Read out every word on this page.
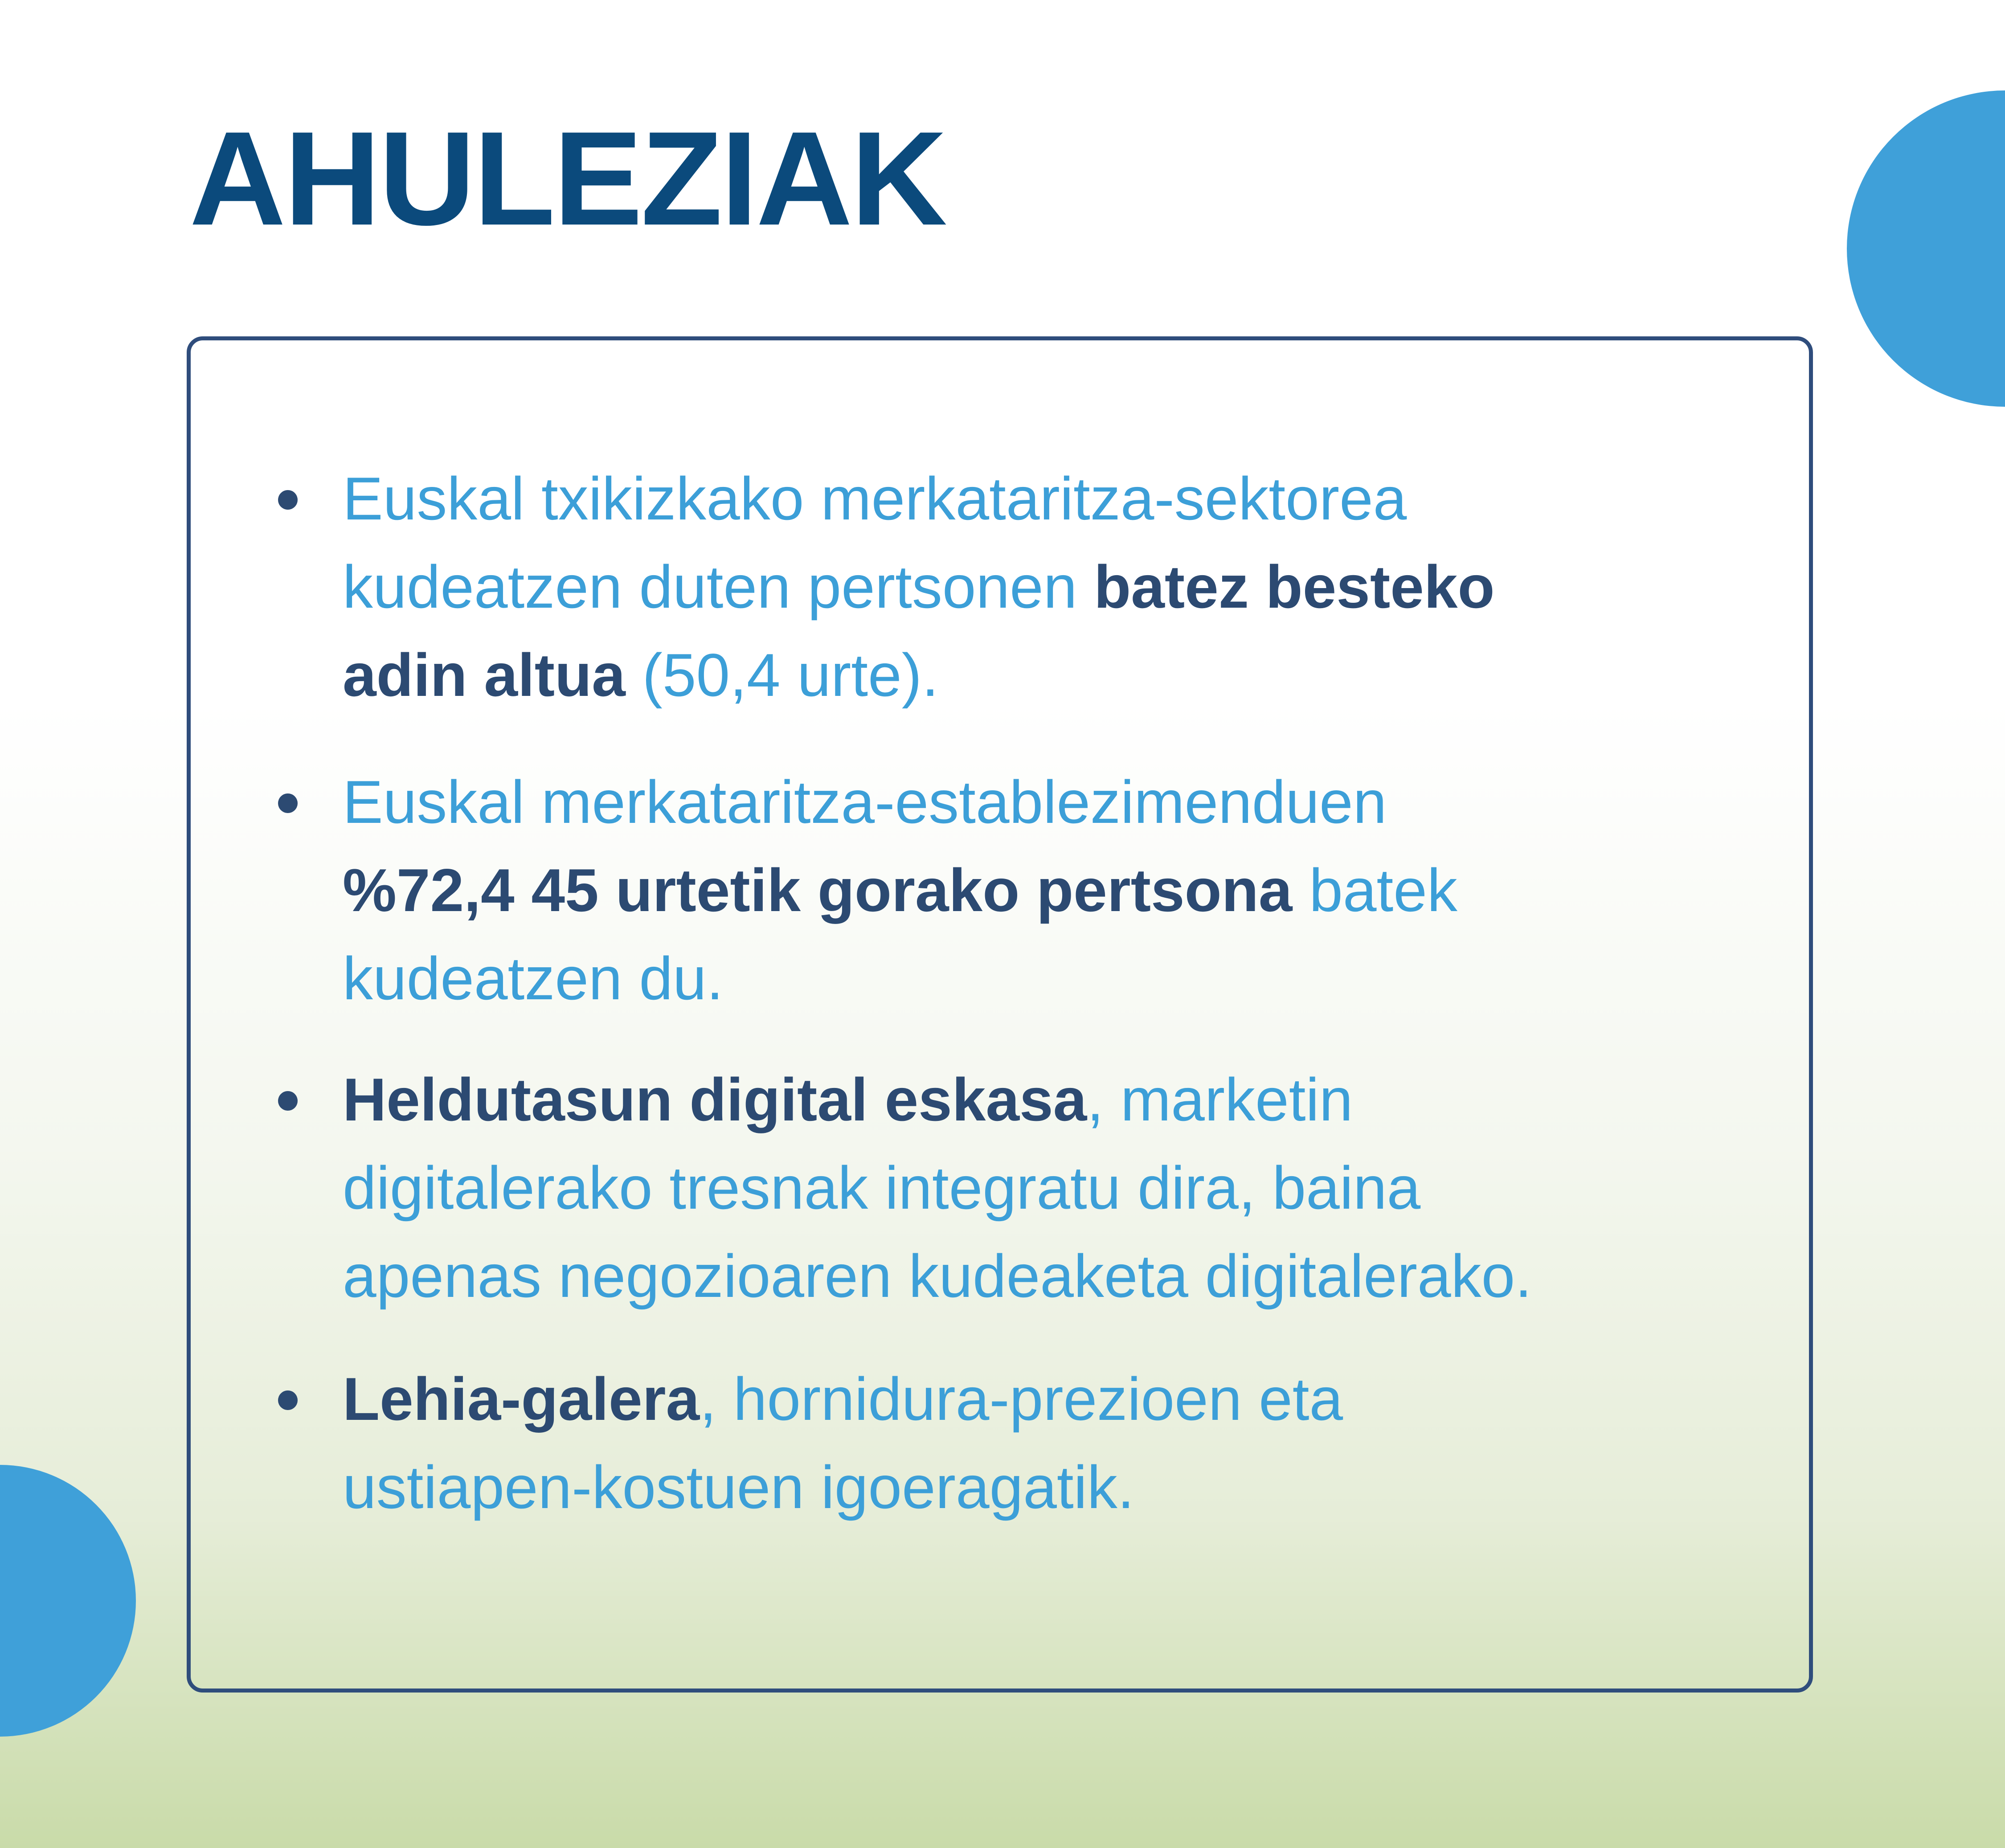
AHULEZIAK
Euskal txikizkako merkataritza-sektorea
kudeatzen duten pertsonen batez besteko
adin altua (50,4 urte).
Euskal merkataritza-establezimenduen
%72,4 45 urtetik gorako pertsona batek
kudeatzen du.
Heldutasun digital eskasa, marketin
digitalerako tresnak integratu dira, baina
apenas negozioaren kudeaketa digitalerako.
Lehia-galera, hornidura-prezioen eta
ustiapen-kostuen igoeragatik.
